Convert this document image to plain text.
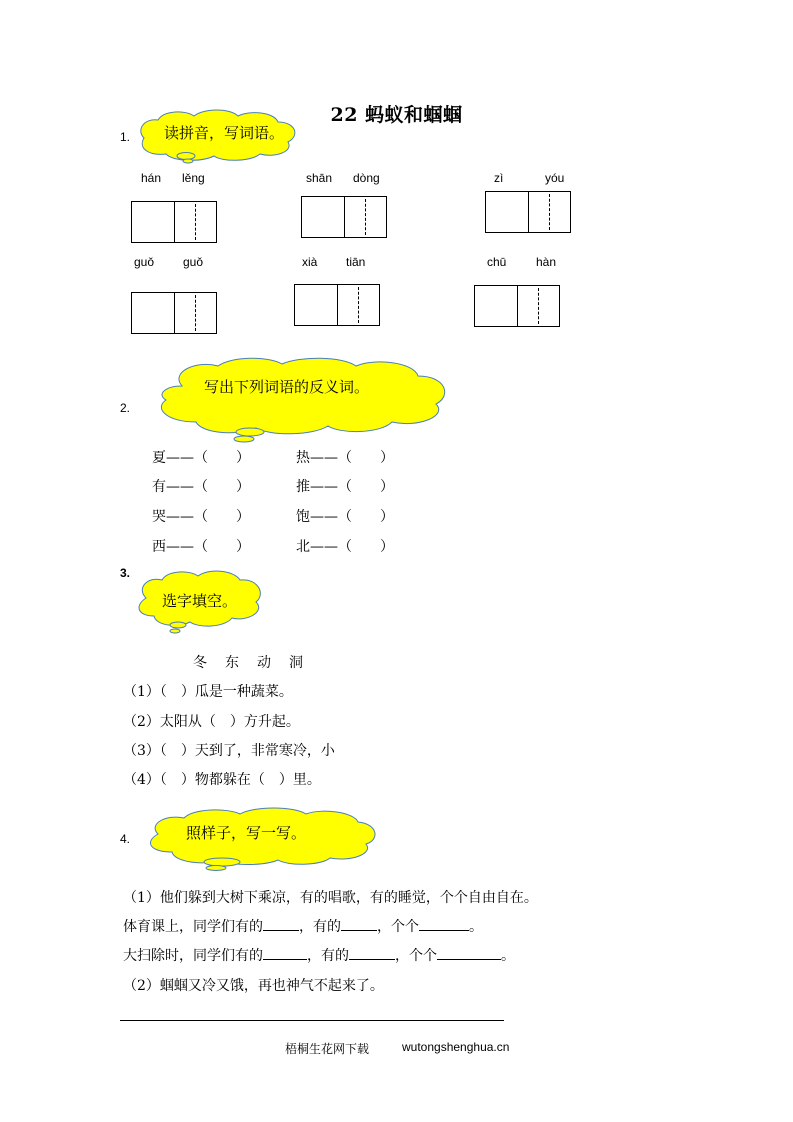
22 蚂蚁和蝈蝈
1. 读拼音，写词语。
hán lěng	shān dòng	zì	yóu
guǒ guǒ	xià tiān	chū hàn
2.
写出下列词语的反义词。
夏——（　　）	热——（　　）
有——（　　）	推——（　　）
哭——（　　）	饱——（　　）
西——（　　）	北——（　　）
3.
选字填空。
冬　东　动　洞
（1）（　）瓜是一种蔬菜。
（2）太阳从（　）方升起。
（3）（　）天到了，非常寒冷，小
（4）（　）物都躲在（　）里。
4.	照样子，写一写。
（1）他们躲到大树下乘凉，有的唱歌，有的睡觉，个个自由自在。
体育课上，同学们有的	，有的	，个个	。
大扫除时，同学们有的	，有的	，个个	。
（2）蝈蝈又冷又饿，再也神气不起来了。
梧桐生花网下载	wutongshenghua.cn
